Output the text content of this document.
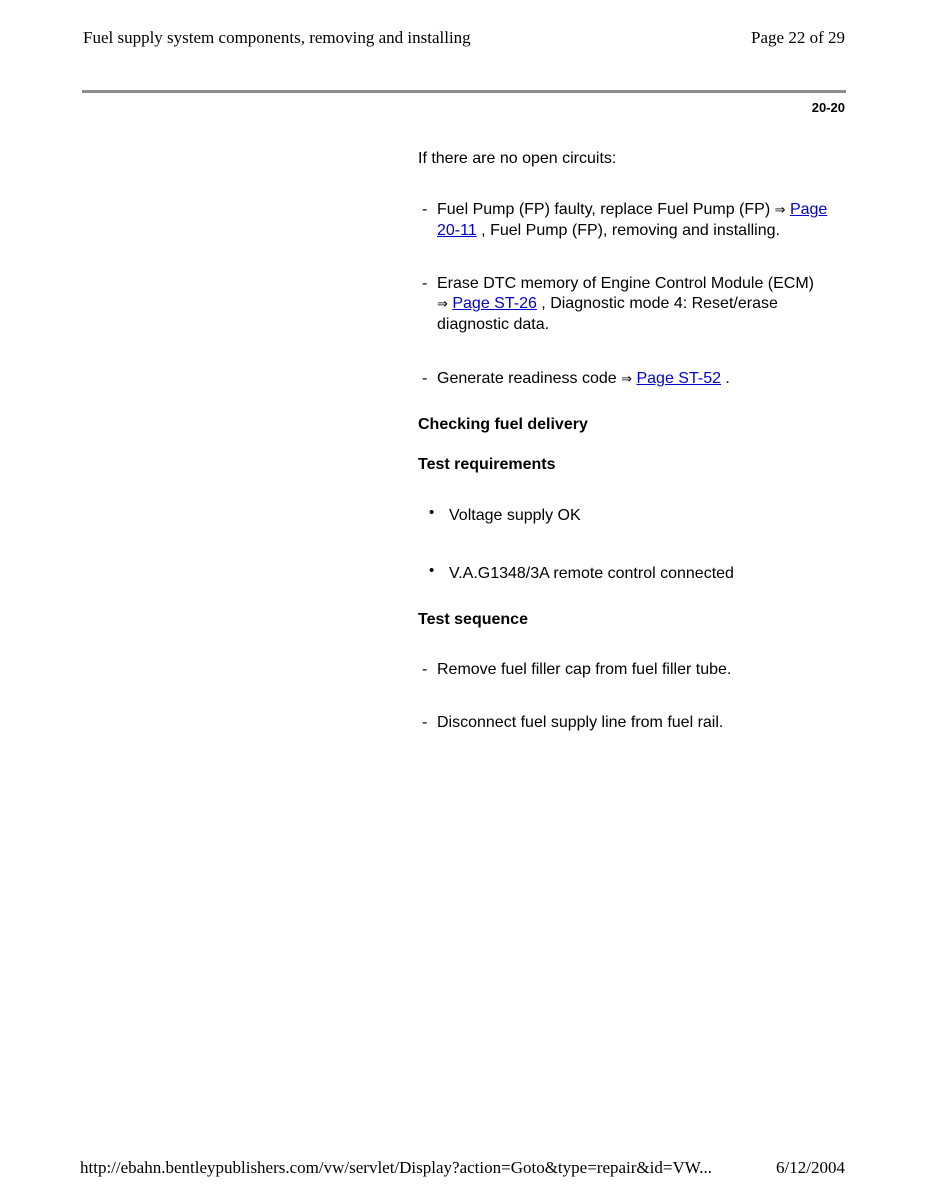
Fuel supply system components, removing and installing	Page 22 of 29
20-20

If there are no open circuits:

- Fuel Pump (FP) faulty, replace Fuel Pump (FP) ⇒ Page 20-11 , Fuel Pump (FP), removing and installing.

- Erase DTC memory of Engine Control Module (ECM) ⇒ Page ST-26 , Diagnostic mode 4: Reset/erase diagnostic data.

- Generate readiness code ⇒ Page ST-52 .

Checking fuel delivery

Test requirements

• Voltage supply OK

• V.A.G1348/3A remote control connected

Test sequence

- Remove fuel filler cap from fuel filler tube.

- Disconnect fuel supply line from fuel rail.

http://ebahn.bentleypublishers.com/vw/servlet/Display?action=Goto&type=repair&id=VW...	6/12/2004
